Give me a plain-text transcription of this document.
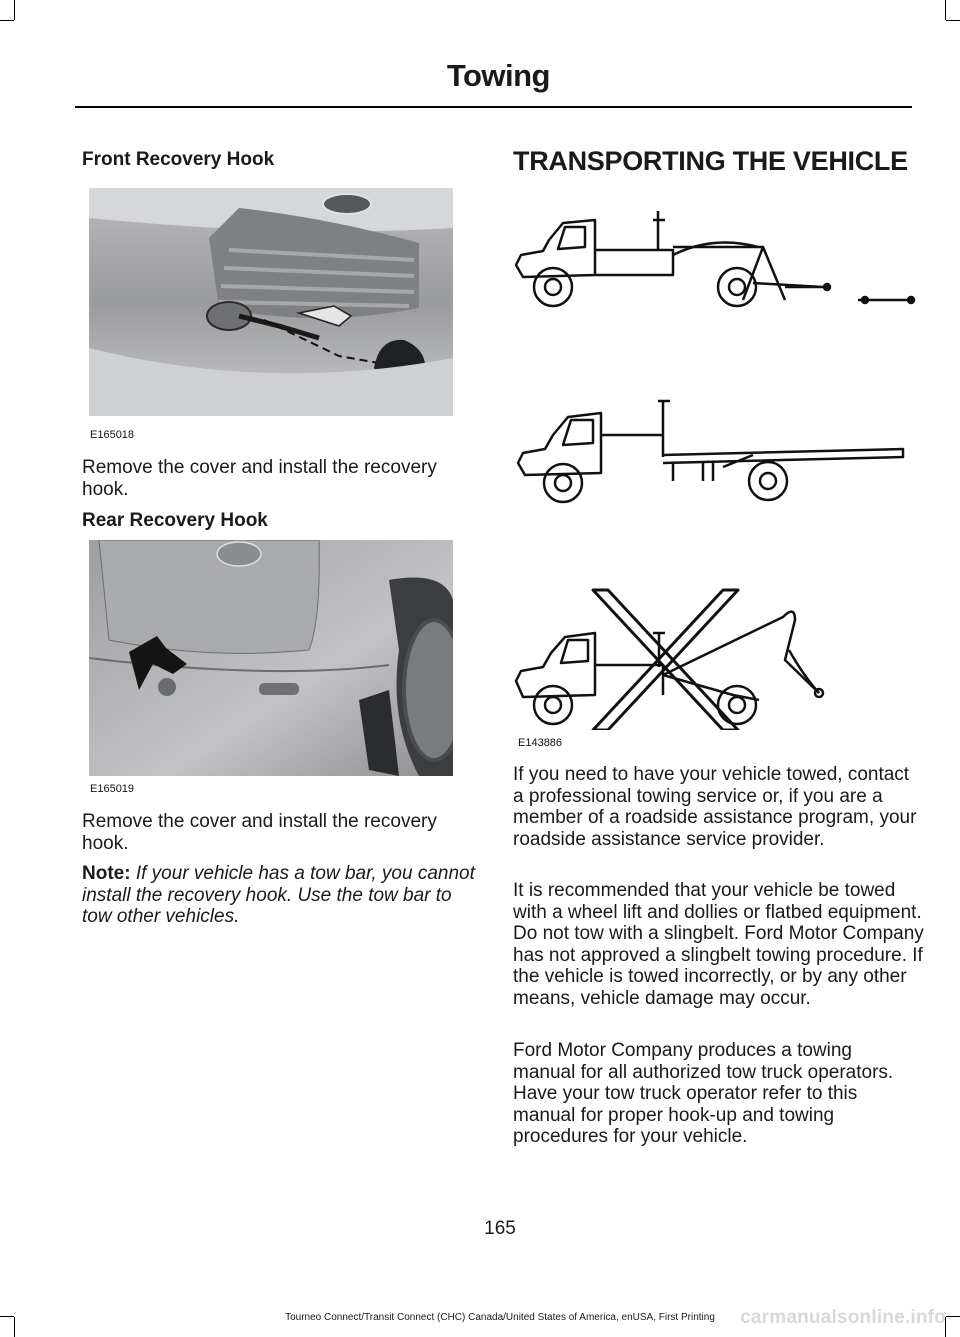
Towing
Front Recovery Hook
E165018

Remove the cover and install the recovery hook.

Rear Recovery Hook
E165019

Remove the cover and install the recovery hook.

Note: If your vehicle has a tow bar, you cannot install the recovery hook. Use the tow bar to tow other vehicles.

TRANSPORTING THE VEHICLE
E143886

If you need to have your vehicle towed, contact a professional towing service or, if you are a member of a roadside assistance program, your roadside assistance service provider.

It is recommended that your vehicle be towed with a wheel lift and dollies or flatbed equipment. Do not tow with a slingbelt. Ford Motor Company has not approved a slingbelt towing procedure. If the vehicle is towed incorrectly, or by any other means, vehicle damage may occur.

Ford Motor Company produces a towing manual for all authorized tow truck operators. Have your tow truck operator refer to this manual for proper hook-up and towing procedures for your vehicle.

165
Tourneo Connect/Transit Connect (CHC) Canada/United States of America, enUSA, First Printing	carmanualsonline.info
